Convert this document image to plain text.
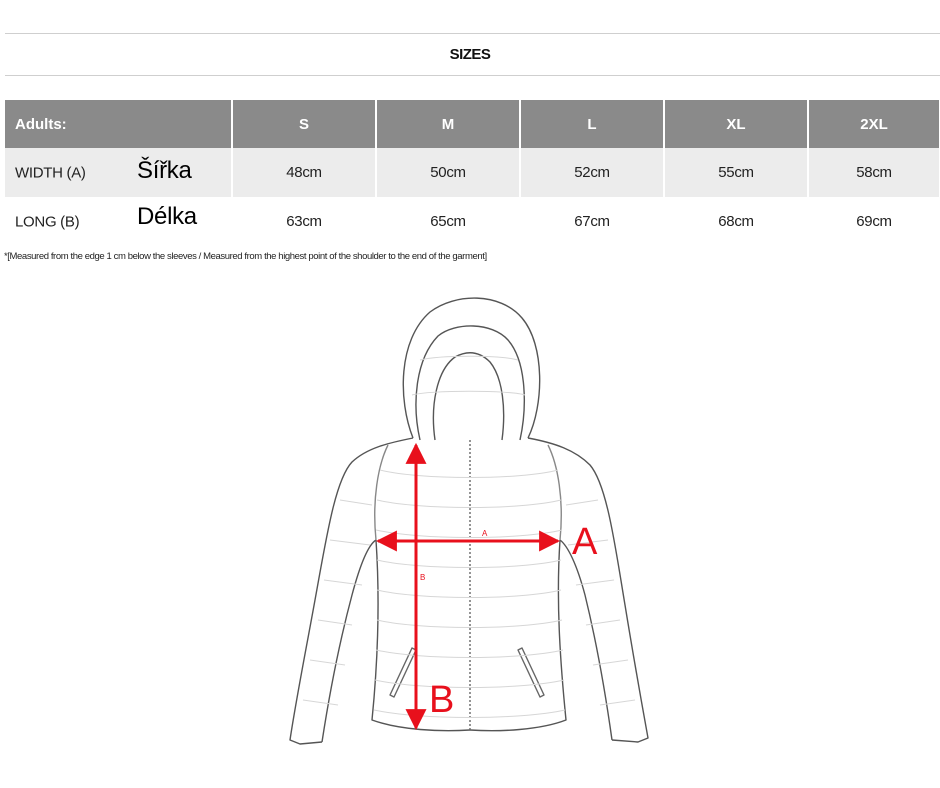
SIZES
Adults:	S	M	L	XL	2XL
WIDTH (A) Šířka	48cm	50cm	52cm	55cm	58cm
LONG (B) Délka	63cm	65cm	67cm	68cm	69cm
*[Measured from the edge 1 cm below the sleeves / Measured from the highest point of the shoulder to the end of the garment]
A
B
A
B
